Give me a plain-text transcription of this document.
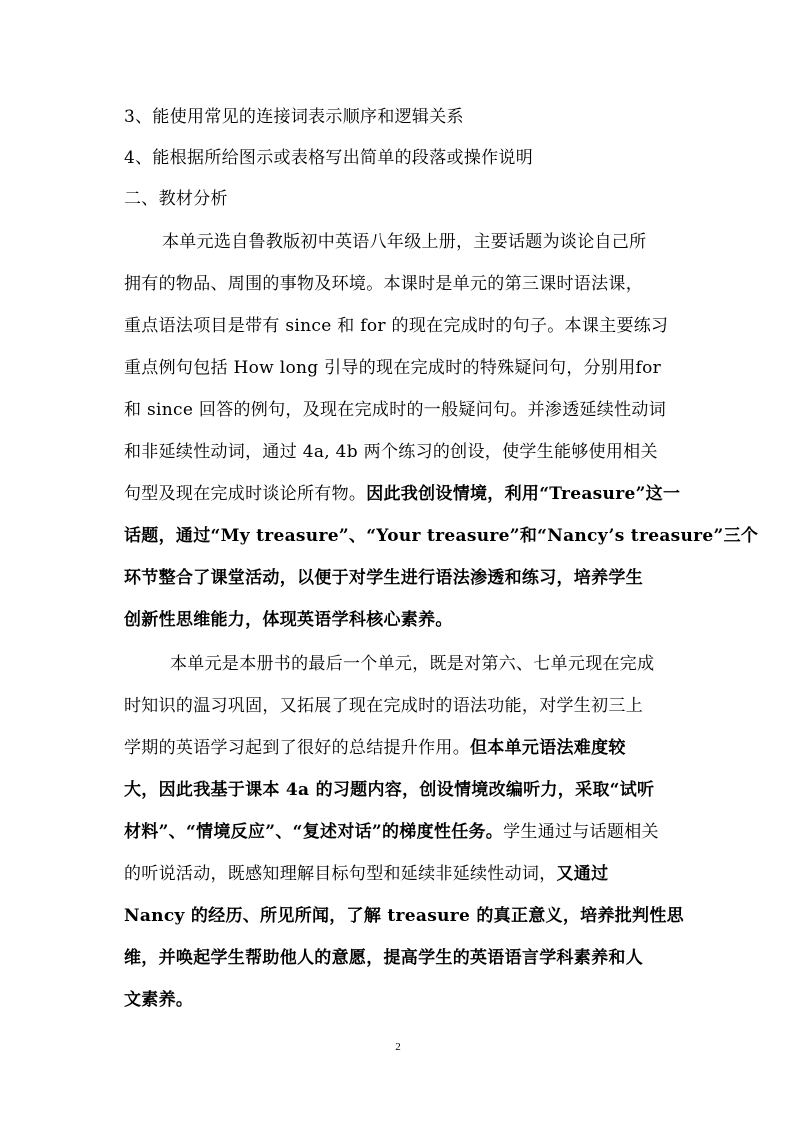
3、能使用常见的连接词表示顺序和逻辑关系
4、能根据所给图示或表格写出简单的段落或操作说明
二、教材分析
本单元选自鲁教版初中英语八年级上册，主要话题为谈论自己所
拥有的物品、周围的事物及环境。本课时是单元的第三课时语法课，
重点语法项目是带有 since 和 for 的现在完成时的句子。本课主要练习
重点例句包括 How long 引导的现在完成时的特殊疑问句，分别用for
和 since 回答的例句，及现在完成时的一般疑问句。并渗透延续性动词
和非延续性动词，通过 4a, 4b 两个练习的创设，使学生能够使用相关
句型及现在完成时谈论所有物。因此我创设情境，利用“Treasure”这一
话题，通过“My treasure”、“Your treasure”和“Nancy’s treasure”三个
环节整合了课堂活动，以便于对学生进行语法渗透和练习，培养学生
创新性思维能力，体现英语学科核心素养。
本单元是本册书的最后一个单元，既是对第六、七单元现在完成
时知识的温习巩固，又拓展了现在完成时的语法功能，对学生初三上
学期的英语学习起到了很好的总结提升作用。但本单元语法难度较
大，因此我基于课本 4a 的习题内容，创设情境改编听力，采取“试听
材料”、“情境反应”、“复述对话”的梯度性任务。学生通过与话题相关
的听说活动，既感知理解目标句型和延续非延续性动词，又通过
Nancy 的经历、所见所闻，了解 treasure 的真正意义，培养批判性思
维，并唤起学生帮助他人的意愿，提高学生的英语语言学科素养和人
文素养。
2
